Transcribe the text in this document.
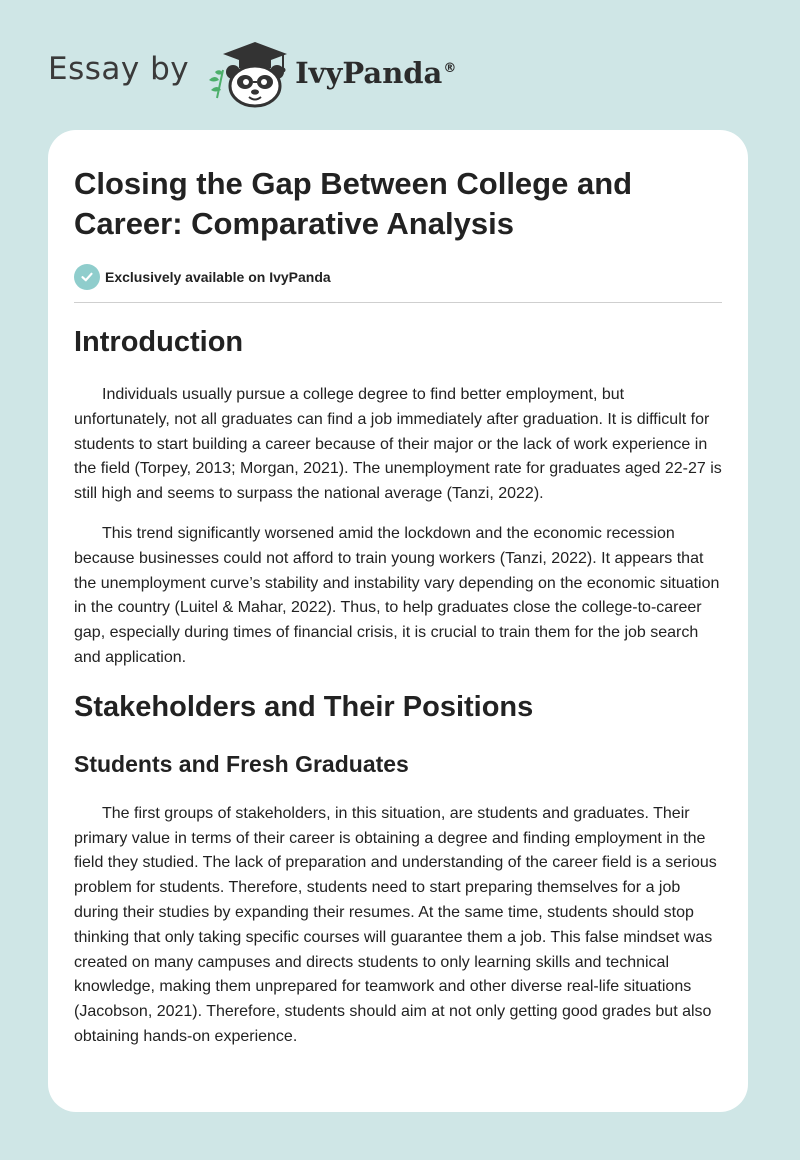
Essay by	IvyPanda®
Closing the Gap Between College and Career: Comparative Analysis
Exclusively available on IvyPanda
Introduction

Individuals usually pursue a college degree to find better employment, but unfortunately, not all graduates can find a job immediately after graduation. It is difficult for students to start building a career because of their major or the lack of work experience in the field (Torpey, 2013; Morgan, 2021). The unemployment rate for graduates aged 22-27 is still high and seems to surpass the national average (Tanzi, 2022).

This trend significantly worsened amid the lockdown and the economic recession because businesses could not afford to train young workers (Tanzi, 2022). It appears that the unemployment curve’s stability and instability vary depending on the economic situation in the country (Luitel & Mahar, 2022). Thus, to help graduates close the college-to-career gap, especially during times of financial crisis, it is crucial to train them for the job search and application.

Stakeholders and Their Positions
Students and Fresh Graduates

The first groups of stakeholders, in this situation, are students and graduates. Their primary value in terms of their career is obtaining a degree and finding employment in the field they studied. The lack of preparation and understanding of the career field is a serious problem for students. Therefore, students need to start preparing themselves for a job during their studies by expanding their resumes. At the same time, students should stop thinking that only taking specific courses will guarantee them a job. This false mindset was created on many campuses and directs students to only learning skills and technical knowledge, making them unprepared for teamwork and other diverse real-life situations (Jacobson, 2021). Therefore, students should aim at not only getting good grades but also obtaining hands-on experience.
